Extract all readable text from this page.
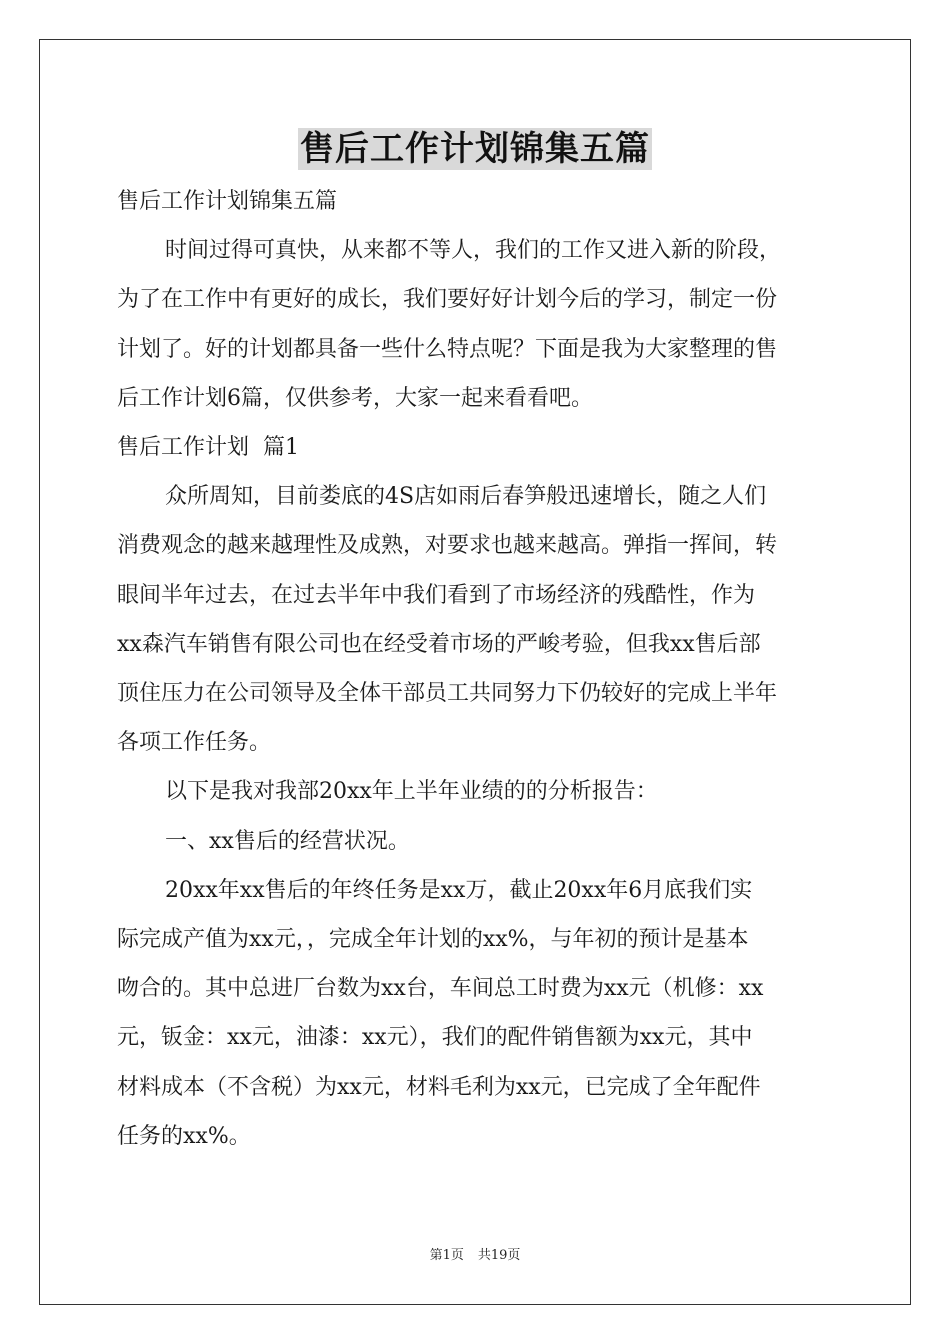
售后工作计划锦集五篇

售后工作计划锦集五篇

时间过得可真快，从来都不等人，我们的工作又进入新的阶段，

为了在工作中有更好的成长，我们要好好计划今后的学习，制定一份

计划了。好的计划都具备一些什么特点呢？下面是我为大家整理的售

后工作计划6篇，仅供参考，大家一起来看看吧。

售后工作计划  篇1

众所周知，目前娄底的4S店如雨后春笋般迅速增长，随之人们

消费观念的越来越理性及成熟，对要求也越来越高。弹指一挥间，转

眼间半年过去，在过去半年中我们看到了市场经济的残酷性，作为

xx森汽车销售有限公司也在经受着市场的严峻考验，但我xx售后部

顶住压力在公司领导及全体干部员工共同努力下仍较好的完成上半年

各项工作任务。

以下是我对我部20xx年上半年业绩的的分析报告：

一、xx售后的经营状况。

20xx年xx售后的年终任务是xx万，截止20xx年6月底我们实

际完成产值为xx元，，完成全年计划的xx%，与年初的预计是基本

吻合的。其中总进厂台数为xx台，车间总工时费为xx元（机修：xx

元，钣金：xx元，油漆：xx元），我们的配件销售额为xx元，其中

材料成本（不含税）为xx元，材料毛利为xx元，已完成了全年配件

任务的xx%。

第1页 共19页
